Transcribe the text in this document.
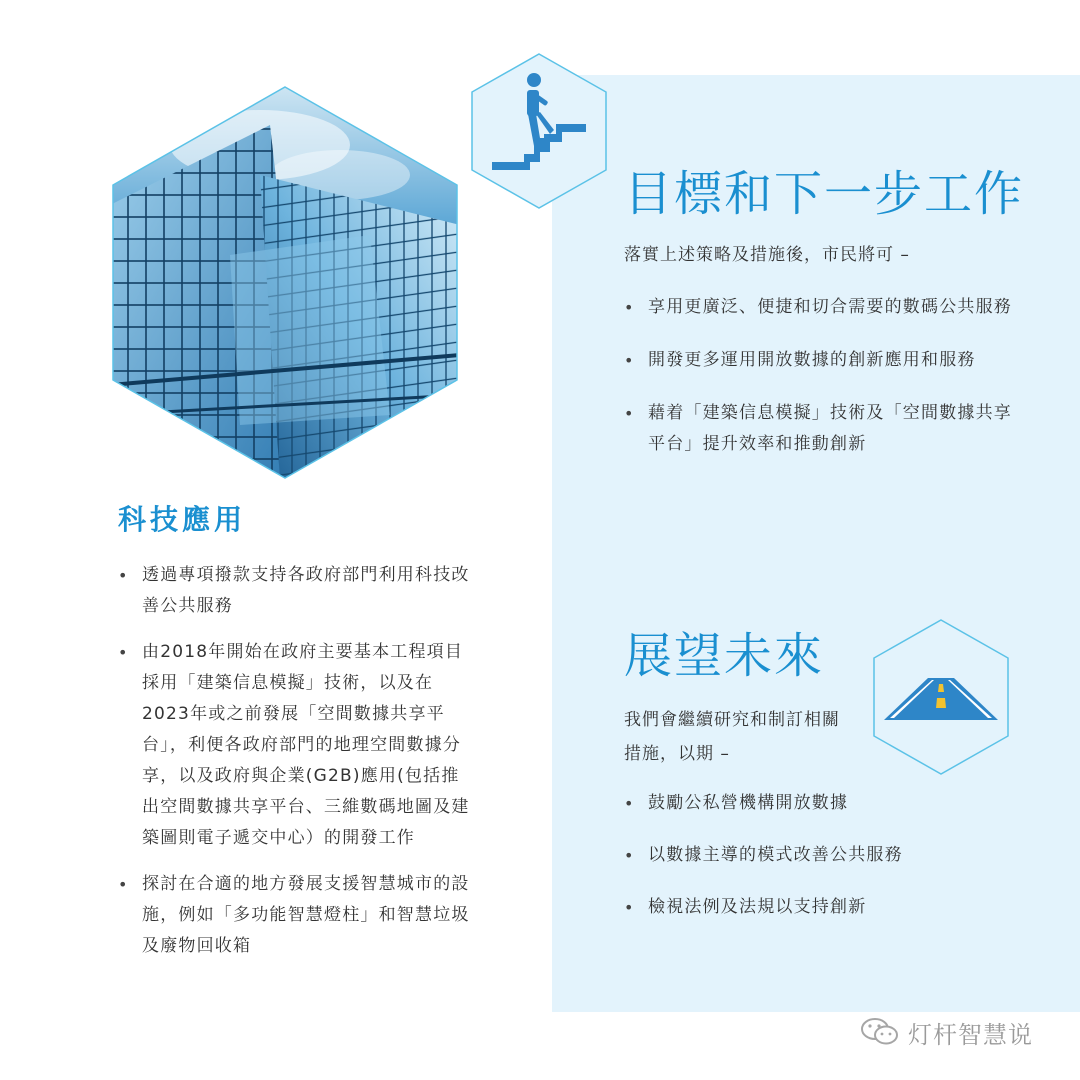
目標和下一步工作

落實上述策略及措施後，市民將可 –

• 享用更廣泛、便捷和切合需要的數碼公共服務
• 開發更多運用開放數據的創新應用和服務
• 藉着「建築信息模擬」技術及「空間數據共享平台」提升效率和推動創新
展望未來

我們會繼續研究和制訂相關措施，以期 –

• 鼓勵公私營機構開放數據
• 以數據主導的模式改善公共服務
• 檢視法例及法規以支持創新
科技應用
• 透過專項撥款支持各政府部門利用科技改善公共服務
• 由2018年開始在政府主要基本工程項目採用「建築信息模擬」技術，以及在2023年或之前發展「空間數據共享平台」，利便各政府部門的地理空間數據分享，以及政府與企業(G2B)應用(包括推出空間數據共享平台、三維數碼地圖及建築圖則電子遞交中心）的開發工作
• 探討在合適的地方發展支援智慧城市的設施，例如「多功能智慧燈柱」和智慧垃圾及廢物回收箱
灯杆智慧说
